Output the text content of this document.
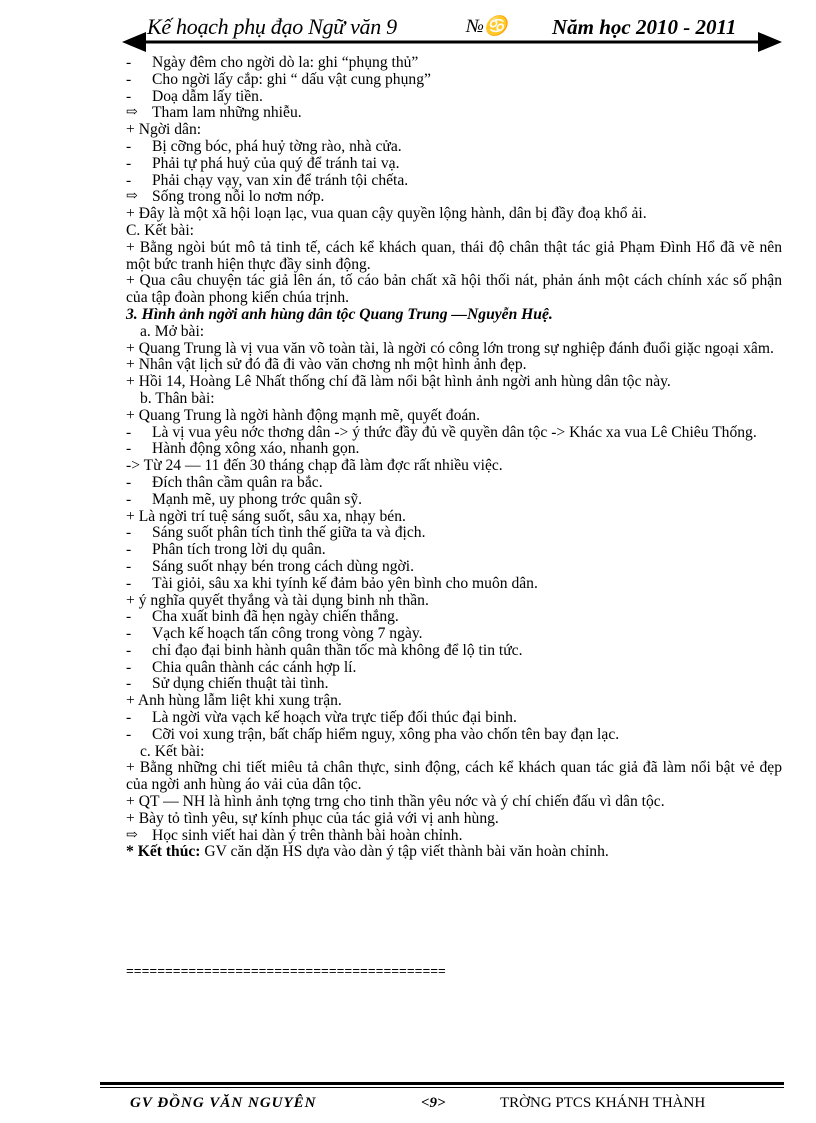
Kế hoạch phụ đạo Ngữ văn 9	№♋ Năm học 2010 - 2011
-	Ngày đêm cho ngời dò la: ghi “phụng thủ”
-	Cho ngời lấy cắp: ghi “ dấu vật cung phụng”
-	Doạ dẫm lấy tiền.
⇨ Tham lam những nhiễu.
+ Ngời dân:
-	Bị cỡng bóc, phá huỷ tờng rào, nhà cửa.
-	Phải tự phá huỷ của quý để tránh tai vạ.
-	Phải chạy vạy, van xin để tránh tội chếta.
⇨ Sống trong nỗi lo nơm nớp.
+ Đây là một xã hội loạn lạc, vua quan cậy quyền lộng hành, dân bị đầy đoạ khổ ải.
C. Kết bài:
+ Bằng ngòi bút mô tả tinh tế, cách kể khách quan, thái độ chân thật tác giả Phạm Đình Hổ đã vẽ nên một bức tranh hiện thực đầy sinh động.
+ Qua câu chuyện tác giả lên án, tố cáo bản chất xã hội thối nát, phản ánh một cách chính xác số phận của tập đoàn phong kiến chúa trịnh.
3. Hình ảnh ngời anh hùng dân tộc Quang Trung —Nguyễn Huệ.
a. Mở bài:
+ Quang Trung là vị vua văn võ toàn tài, là ngời có công lớn trong sự nghiệp đánh đuổi giặc ngoại xâm.
+ Nhân vật lịch sử đó đã đi vào văn chơng nh một hình ảnh đẹp.
+ Hồi 14, Hoàng Lê Nhất thống chí đã làm nổi bật hình ảnh ngời anh hùng dân tộc này.
b. Thân bài:
+ Quang Trung là ngời hành động mạnh mẽ, quyết đoán.
-	Là vị vua yêu nớc thơng dân -> ý thức đầy đủ về quyền dân tộc -> Khác xa vua Lê Chiêu Thống.
-	Hành động xông xáo, nhanh gọn.
-> Từ 24 — 11 đến 30 tháng chạp đã làm đợc rất nhiều việc.
-	Đích thân cầm quân ra bắc.
-	Mạnh mẽ, uy phong trớc quân sỹ.
+ Là ngời trí tuệ sáng suốt, sâu xa, nhạy bén.
-	Sáng suốt phân tích tình thế giữa ta và địch.
-	Phân tích trong lời dụ quân.
-	Sáng suốt nhạy bén trong cách dùng ngời.
-	Tài giỏi, sâu xa khi tyính kế đảm bảo yên bình cho muôn dân.
+ ý nghĩa quyết thyắng và tài dụng binh nh thần.
-	Cha xuất binh đã hẹn ngày chiến thắng.
-	Vạch kế hoạch tấn công trong vòng 7 ngày.
-	chỉ đạo đại binh hành quân thần tốc mà không để lộ tin tức.
-	Chia quân thành các cánh hợp lí.
-	Sử dụng chiến thuật tài tình.
+ Anh hùng lẫm liệt khi xung trận.
-	Là ngời vừa vạch kế hoạch vừa trực tiếp đối thúc đại binh.
-	Cỡi voi xung trận, bất chấp hiểm nguy, xông pha vào chốn tên bay đạn lạc.
c. Kết bài:
+ Bằng những chi tiết miêu tả chân thực, sinh động, cách kể khách quan tác giả đã làm nổi bật vẻ đẹp của ngời anh hùng áo vải của dân tộc.
+ QT — NH là hình ảnh tợng trng cho tinh thần yêu nớc và ý chí chiến đấu vì dân tộc.
+ Bày tỏ tình yêu, sự kính phục của tác giả với vị anh hùng.
⇨ Học sinh viết hai dàn ý trên thành bài hoàn chỉnh.
* Kết thúc: GV căn dặn HS dựa vào dàn ý tập viết thành bài văn hoàn chỉnh.
=========================================
GV ĐỒNG VĂN NGUYÊN	<9>	TRỜNG PTCS KHÁNH THÀNH
